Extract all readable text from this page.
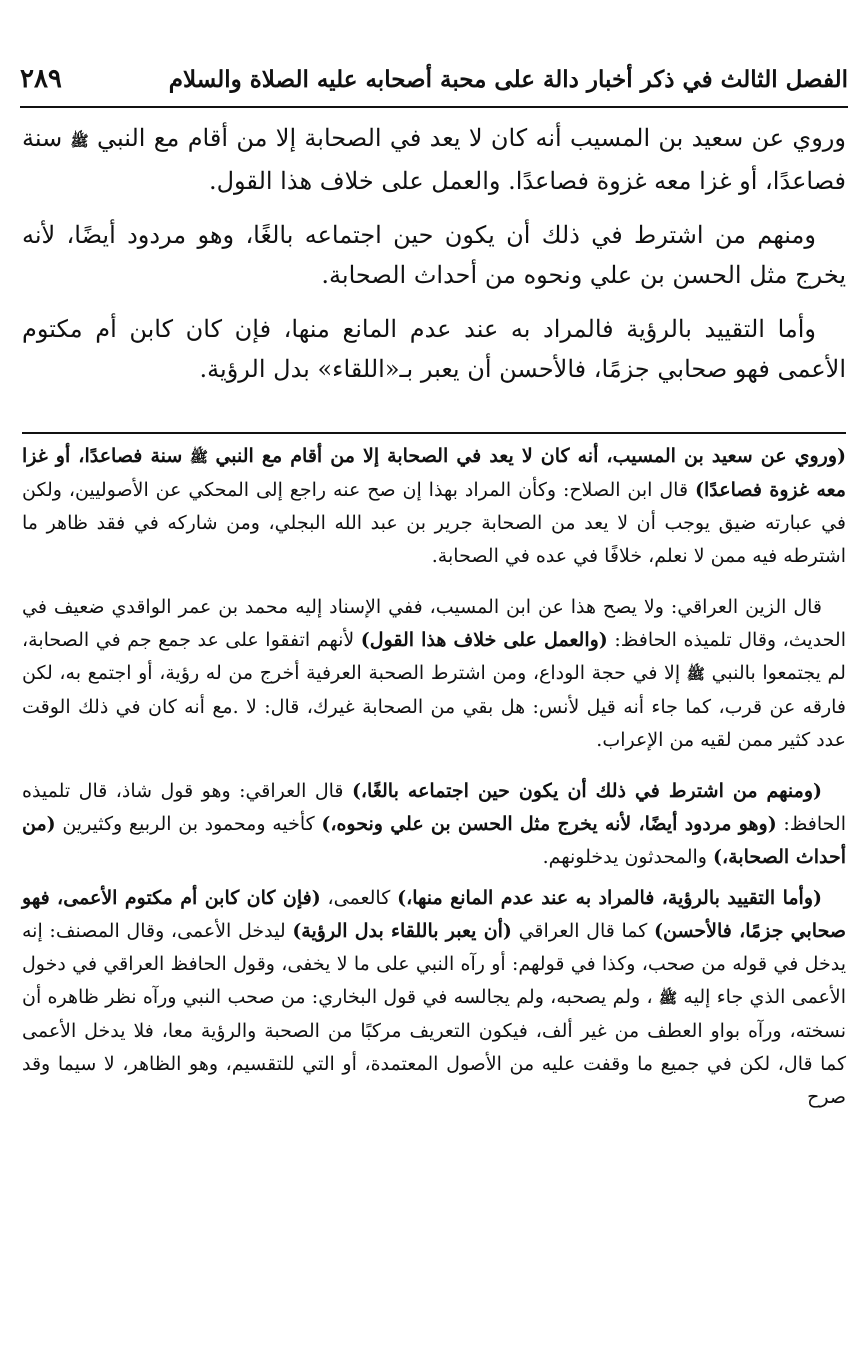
الفصل الثالث في ذكر أخبار دالة على محبة أصحابه عليه الصلاة والسلام
٢٨٩

وروي عن سعيد بن المسيب أنه كان لا يعد في الصحابة إلا من أقام مع النبي ﷺ سنة فصاعدًا، أو غزا معه غزوة فصاعدًا. والعمل على خلاف هذا القول.

ومنهم من اشترط في ذلك أن يكون حين اجتماعه بالغًا، وهو مردود أيضًا، لأنه يخرج مثل الحسن بن علي ونحوه من أحداث الصحابة.

وأما التقييد بالرؤية فالمراد به عند عدم المانع منها، فإن كان كابن أم مكتوم الأعمى فهو صحابي جزمًا، فالأحسن أن يعبر بـ«اللقاء» بدل الرؤية.

(وروي عن سعيد بن المسيب، أنه كان لا يعد في الصحابة إلا من أقام مع النبي ﷺ سنة فصاعدًا، أو غزا معه غزوة فصاعدًا) قال ابن الصلاح: وكأن المراد بهذا إن صح عنه راجع إلى المحكي عن الأصوليين، ولكن في عبارته ضيق يوجب أن لا يعد من الصحابة جرير بن عبد الله البجلي، ومن شاركه في فقد ظاهر ما اشترطه فيه ممن لا نعلم، خلافًا في عده في الصحابة.

قال الزين العراقي: ولا يصح هذا عن ابن المسيب، ففي الإسناد إليه محمد بن عمر الواقدي ضعيف في الحديث، وقال تلميذه الحافظ: (والعمل على خلاف هذا القول) لأنهم اتفقوا على عد جمع جم في الصحابة، لم يجتمعوا بالنبي ﷺ إلا في حجة الوداع، ومن اشترط الصحبة العرفية أخرج من له رؤية، أو اجتمع به، لكن فارقه عن قرب، كما جاء أنه قيل لأنس: هل بقي من الصحابة غيرك، قال: لا .مع أنه كان في ذلك الوقت عدد كثير ممن لقيه من الإعراب.

(ومنهم من اشترط في ذلك أن يكون حين اجتماعه بالغًا،) قال العراقي: وهو قول شاذ، قال تلميذه الحافظ: (وهو مردود أيضًا، لأنه يخرج مثل الحسن بن علي ونحوه،) كأخيه ومحمود بن الربيع وكثيرين (من أحداث الصحابة،) والمحدثون يدخلونهم.

(وأما التقييد بالرؤية، فالمراد به عند عدم المانع منها،) كالعمى، (فإن كان كابن أم مكتوم الأعمى، فهو صحابي جزمًا، فالأحسن) كما قال العراقي (أن يعبر باللقاء بدل الرؤية) ليدخل الأعمى، وقال المصنف: إنه يدخل في قوله من صحب، وكذا في قولهم: أو رآه النبي على ما لا يخفى، وقول الحافظ العراقي في دخول الأعمى الذي جاء إليه ﷺ ، ولم يصحبه، ولم يجالسه في قول البخاري: من صحب النبي ورآه نظر ظاهره أن نسخته، ورآه بواو العطف من غير ألف، فيكون التعريف مركبًا من الصحبة والرؤية معا، فلا يدخل الأعمى كما قال، لكن في جميع ما وقفت عليه من الأصول المعتمدة، أو التي للتقسيم، وهو الظاهر، لا سيما وقد صرح
